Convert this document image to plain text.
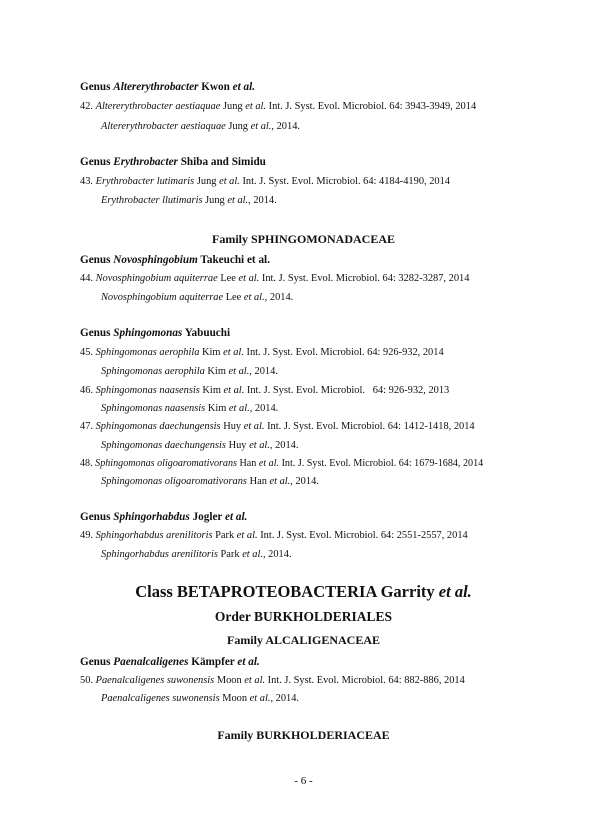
Genus Altererythrobacter Kwon et al.
42. Altererythrobacter aestiaquae Jung et al. Int. J. Syst. Evol. Microbiol. 64: 3943-3949, 2014
Altererythrobacter aestiaquae Jung et al., 2014.
Genus Erythrobacter Shiba and Simidu
43. Erythrobacter lutimaris Jung et al. Int. J. Syst. Evol. Microbiol. 64: 4184-4190, 2014
Erythrobacter llutimaris Jung et al., 2014.
Family SPHINGOMONADACEAE
Genus Novosphingobium Takeuchi et al.
44. Novosphingobium aquiterrae Lee et al. Int. J. Syst. Evol. Microbiol. 64: 3282-3287, 2014
Novosphingobium aquiterrae Lee et al., 2014.
Genus Sphingomonas Yabuuchi
45. Sphingomonas aerophila Kim et al. Int. J. Syst. Evol. Microbiol. 64: 926-932, 2014
Sphingomonas aerophila Kim et al., 2014.
46. Sphingomonas naasensis Kim et al. Int. J. Syst. Evol. Microbiol.   64: 926-932, 2013
Sphingomonas naasensis Kim et al., 2014.
47. Sphingomonas daechungensis Huy et al. Int. J. Syst. Evol. Microbiol. 64: 1412-1418, 2014
Sphingomonas daechungensis Huy et al., 2014.
48. Sphingomonas oligoaromativorans Han et al. Int. J. Syst. Evol. Microbiol. 64: 1679-1684, 2014
Sphingomonas oligoaromativorans Han et al., 2014.
Genus Sphingorhabdus Jogler et al.
49. Sphingorhabdus arenilitoris Park et al. Int. J. Syst. Evol. Microbiol. 64: 2551-2557, 2014
Sphingorhabdus arenilitoris Park et al., 2014.
Class BETAPROTEOBACTERIA Garrity et al.
Order BURKHOLDERIALES
Family ALCALIGENACEAE
Genus Paenalcaligenes Kämpfer et al.
50. Paenalcaligenes suwonensis Moon et al. Int. J. Syst. Evol. Microbiol. 64: 882-886, 2014
Paenalcaligenes suwonensis Moon et al., 2014.
Family BURKHOLDERIACEAE
- 6 -
